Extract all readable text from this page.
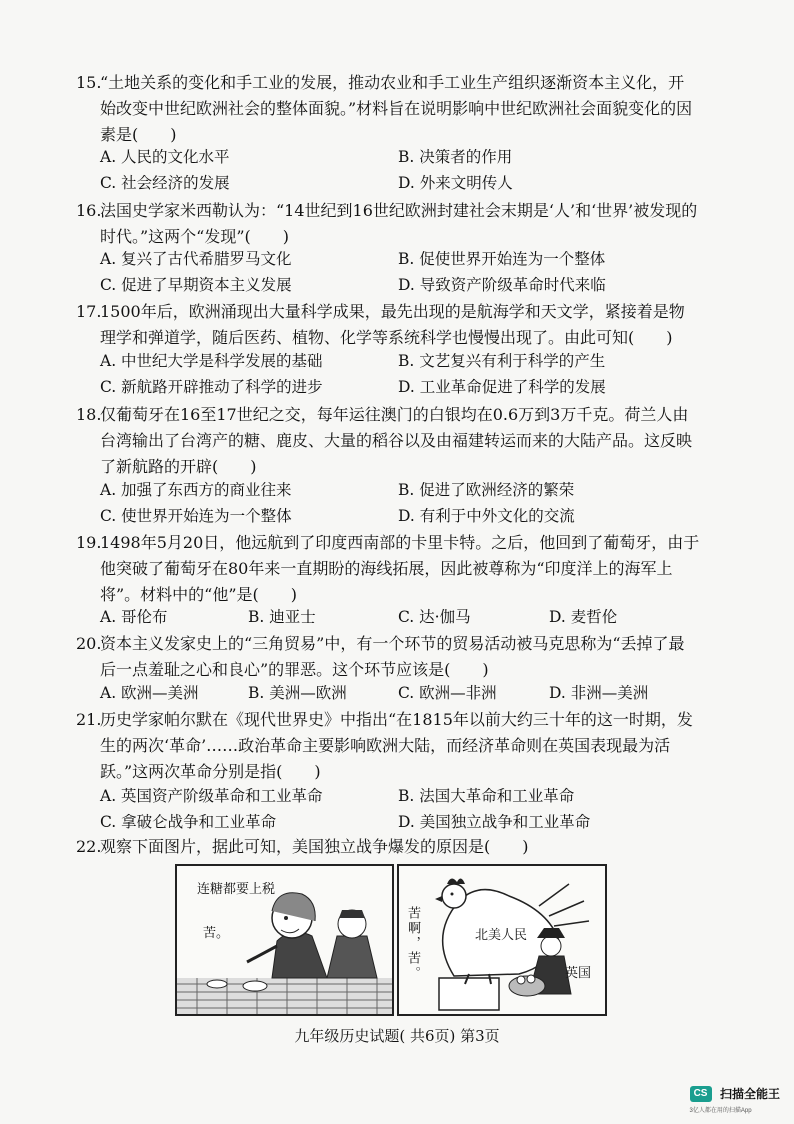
15.

“土地关系的变化和手工业的发展，推动农业和手工业生产组织逐渐资本主义化，开始改变中世纪欧洲社会的整体面貌。”材料旨在说明影响中世纪欧洲社会面貌变化的因素是(　　)

A. 人民的文化水平	B. 决策者的作用
C. 社会经济的发展	D. 外来文明传人
16.

法国史学家米西勒认为：“14世纪到16世纪欧洲封建社会末期是‘人’和‘世界’被发现的时代。”这两个“发现”(　　)

A. 复兴了古代希腊罗马文化	B. 促使世界开始连为一个整体
C. 促进了早期资本主义发展	D. 导致资产阶级革命时代来临
17.

1500年后，欧洲涌现出大量科学成果，最先出现的是航海学和天文学，紧接着是物理学和弹道学，随后医药、植物、化学等系统科学也慢慢出现了。由此可知(　　)

A. 中世纪大学是科学发展的基础	B. 文艺复兴有利于科学的产生
C. 新航路开辟推动了科学的进步	D. 工业革命促进了科学的发展
18.

仅葡萄牙在16至17世纪之交，每年运往澳门的白银均在0.6万到3万千克。荷兰人由台湾输出了台湾产的糖、鹿皮、大量的稻谷以及由福建转运而来的大陆产品。这反映了新航路的开辟(　　)

A. 加强了东西方的商业往来	B. 促进了欧洲经济的繁荣
C. 使世界开始连为一个整体	D. 有利于中外文化的交流
19.

1498年5月20日，他远航到了印度西南部的卡里卡特。之后，他回到了葡萄牙，由于他突破了葡萄牙在80年来一直期盼的海线拓展，因此被尊称为“印度洋上的海军上将”。材料中的“他”是(　　)

A. 哥伦布	B. 迪亚士	C. 达·伽马	D. 麦哲伦
20.

资本主义发家史上的“三角贸易”中，有一个环节的贸易活动被马克思称为“丢掉了最后一点羞耻之心和良心”的罪恶。这个环节应该是(　　)

A. 欧洲—美洲	B. 美洲—欧洲	C. 欧洲—非洲	D. 非洲—美洲
21.

历史学家帕尔默在《现代世界史》中指出“在1815年以前大约三十年的这一时期，发生的两次‘革命’……政治革命主要影响欧洲大陆，而经济革命则在英国表现最为活跃。”这两次革命分别是指(　　)

A. 英国资产阶级革命和工业革命	B. 法国大革命和工业革命
C. 拿破仑战争和工业革命	D. 美国独立战争和工业革命
22.

观察下面图片，据此可知，美国独立战争爆发的原因是(　　)

连糖都要上税
苦。	苦啊，苦。	北美人民
英国
九年级历史试题( 共6页) 第3页
CS 扫描全能王
3亿人都在用的扫描App
